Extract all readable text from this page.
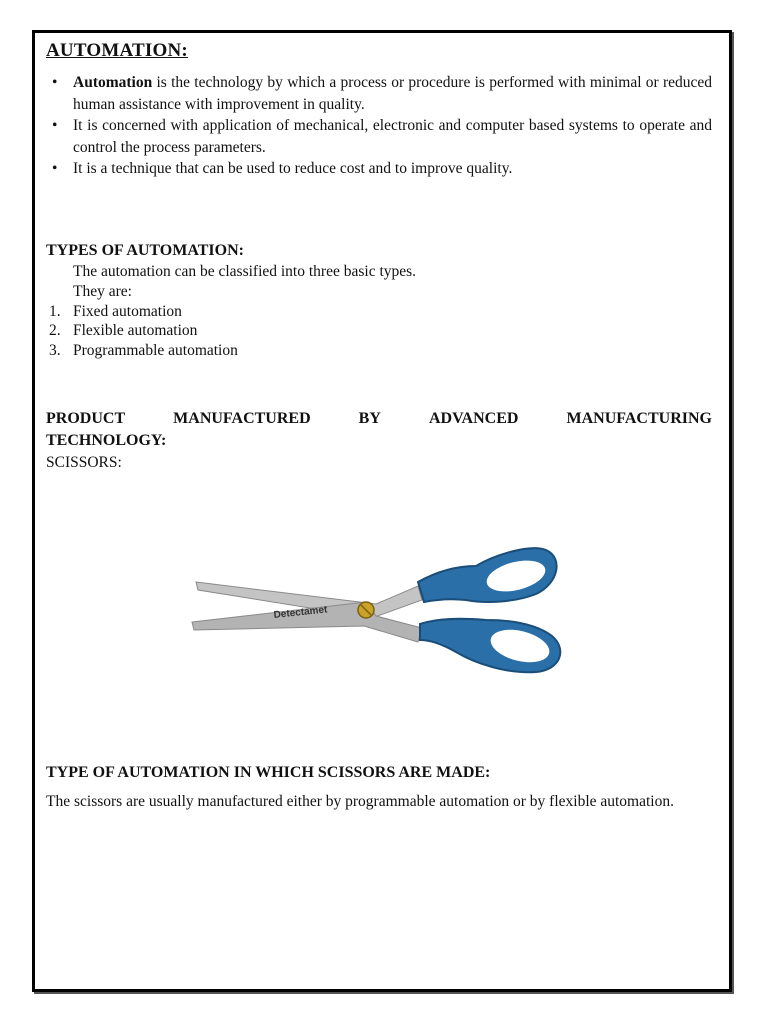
AUTOMATION:
• Automation is the technology by which a process or procedure is performed with minimal or reduced human assistance with improvement in quality.
• It is concerned with application of mechanical, electronic and computer based systems to operate and control the process parameters.
• It is a technique that can be used to reduce cost and to improve quality.
TYPES OF AUTOMATION:
The automation can be classified into three basic types.
They are:
1. Fixed automation
2. Flexible automation
3. Programmable automation
PRODUCT	MANUFACTURED	BY	ADVANCED	MANUFACTURING
TECHNOLOGY:
SCISSORS:
Detectamet
TYPE OF AUTOMATION IN WHICH SCISSORS ARE MADE:

The scissors are usually manufactured either by programmable automation or by flexible automation.
